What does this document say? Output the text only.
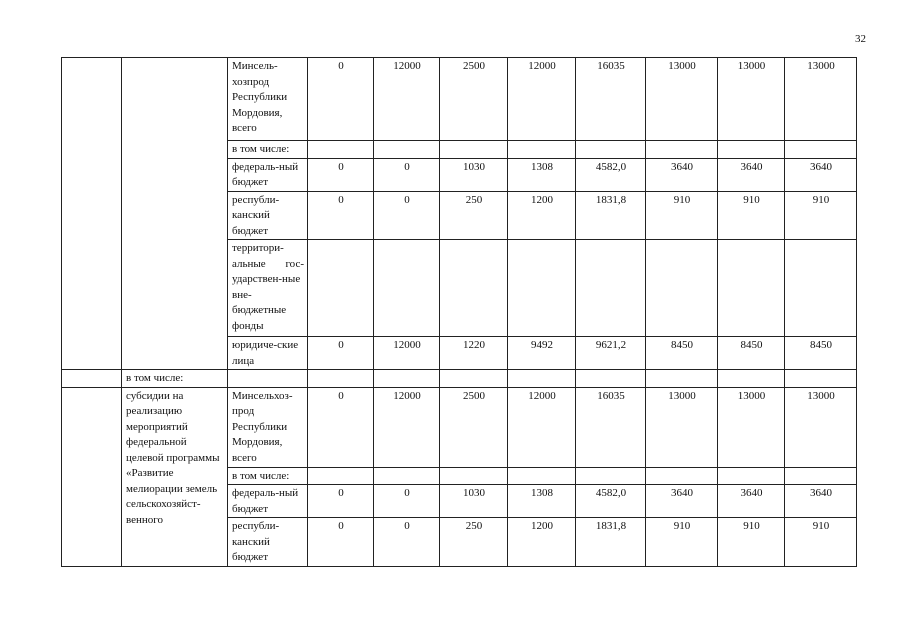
32
		Минсель-хозпрод Республики Мордовия, всего	0	12000	2500	12000	16035	13000	13000	13000
		в том числе:								
		федераль-ный бюджет	0	0	1030	1308	4582,0	3640	3640	3640
		республи-канский бюджет	0	0	250	1200	1831,8	910	910	910
		территори-альные гос-ударствен-ные вне-бюджетные фонды								
		юридиче-ские лица	0	12000	1220	9492	9621,2	8450	8450	8450

	в том числе:									
	субсидии на реализацию мероприятий федеральной целевой программы «Развитие мелиорации земель сельскохозяйст-венного	Минсельхоз-прод Республики Мордовия, всего	0	12000	2500	12000	16035	13000	13000	13000
		в том числе:								
		федераль-ный бюджет	0	0	1030	1308	4582,0	3640	3640	3640
		республи-канский бюджет	0	0	250	1200	1831,8	910	910	910
